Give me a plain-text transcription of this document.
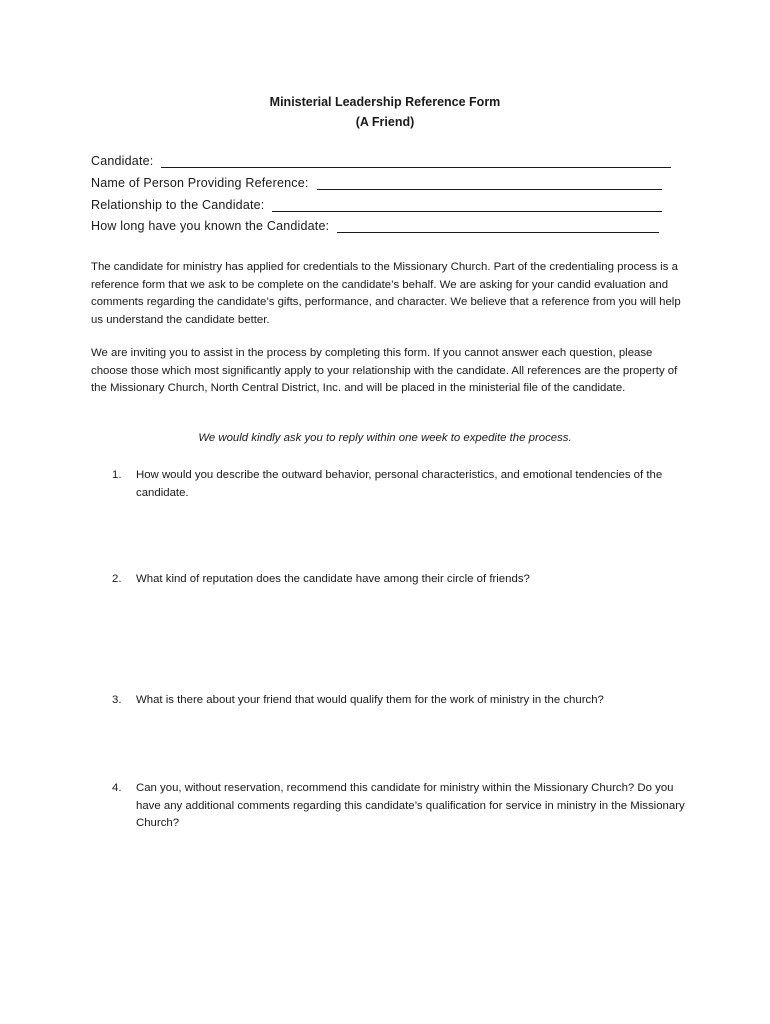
Ministerial Leadership Reference Form
(A Friend)
Candidate:
Name of Person Providing Reference:
Relationship to the Candidate:
How long have you known the Candidate:
The candidate for ministry has applied for credentials to the Missionary Church. Part of the credentialing process is a reference form that we ask to be complete on the candidate’s behalf. We are asking for your candid evaluation and comments regarding the candidate’s gifts, performance, and character. We believe that a reference from you will help us understand the candidate better.
We are inviting you to assist in the process by completing this form. If you cannot answer each question, please choose those which most significantly apply to your relationship with the candidate. All references are the property of the Missionary Church, North Central District, Inc. and will be placed in the ministerial file of the candidate.
We would kindly ask you to reply within one week to expedite the process.
1.	How would you describe the outward behavior, personal characteristics, and emotional tendencies of the candidate.
2.	What kind of reputation does the candidate have among their circle of friends?
3.	What is there about your friend that would qualify them for the work of ministry in the church?
4.	Can you, without reservation, recommend this candidate for ministry within the Missionary Church? Do you have any additional comments regarding this candidate’s qualification for service in ministry in the Missionary Church?
